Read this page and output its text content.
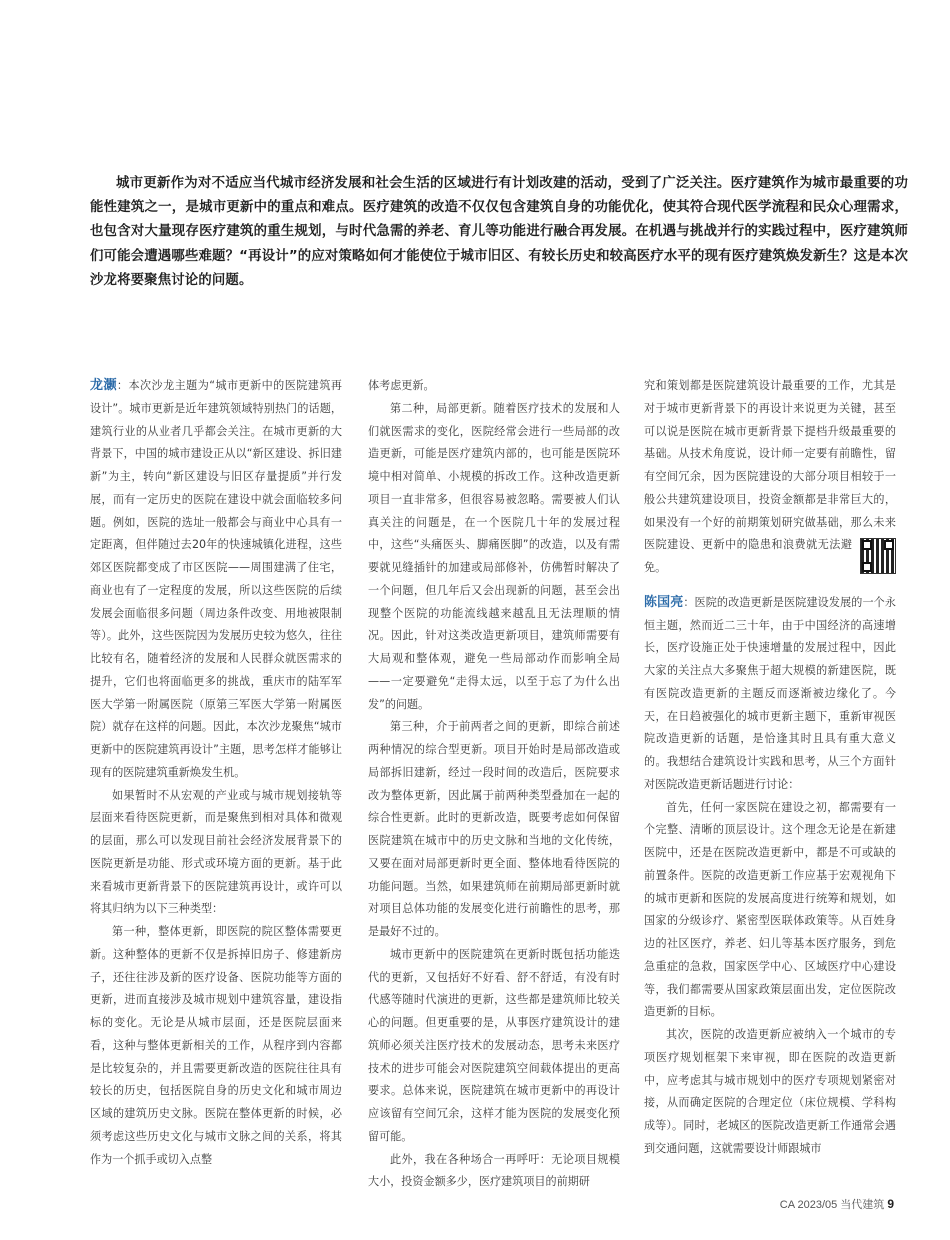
城市更新作为对不适应当代城市经济发展和社会生活的区域进行有计划改建的活动，受到了广泛关注。医疗建筑作为城市最重要的功能性建筑之一，是城市更新中的重点和难点。医疗建筑的改造不仅仅包含建筑自身的功能优化，使其符合现代医学流程和民众心理需求，也包含对大量现存医疗建筑的重生规划，与时代急需的养老、育儿等功能进行融合再发展。在机遇与挑战并行的实践过程中，医疗建筑师们可能会遭遇哪些难题？“再设计”的应对策略如何才能使位于城市旧区、有较长历史和较高医疗水平的现有医疗建筑焕发新生？这是本次沙龙将要聚焦讨论的问题。

龙灏：本次沙龙主题为“城市更新中的医院建筑再设计”。城市更新是近年建筑领域特别热门的话题，建筑行业的从业者几乎都会关注。在城市更新的大背景下，中国的城市建设正从以“新区建设、拆旧建新”为主，转向“新区建设与旧区存量提质”并行发展，而有一定历史的医院在建设中就会面临较多问题。例如，医院的选址一般都会与商业中心具有一定距离，但伴随过去20年的快速城镇化进程，这些郊区医院都变成了市区医院——周围建满了住宅，商业也有了一定程度的发展，所以这些医院的后续发展会面临很多问题（周边条件改变、用地被限制等）。此外，这些医院因为发展历史较为悠久，往往比较有名，随着经济的发展和人民群众就医需求的提升，它们也将面临更多的挑战，重庆市的陆军军医大学第一附属医院（原第三军医大学第一附属医院）就存在这样的问题。因此，本次沙龙聚焦“城市更新中的医院建筑再设计”主题，思考怎样才能够让现有的医院建筑重新焕发生机。

如果暂时不从宏观的产业或与城市规划接轨等层面来看待医院更新，而是聚焦到相对具体和微观的层面，那么可以发现目前社会经济发展背景下的医院更新是功能、形式或环境方面的更新。基于此来看城市更新背景下的医院建筑再设计，或许可以将其归纳为以下三种类型：

第一种，整体更新，即医院的院区整体需要更新。这种整体的更新不仅是拆掉旧房子、修建新房子，还往往涉及新的医疗设备、医院功能等方面的更新，进而直接涉及城市规划中建筑容量，建设指标的变化。无论是从城市层面，还是医院层面来看，这种与整体更新相关的工作，从程序到内容都是比较复杂的，并且需要更新改造的医院往往具有较长的历史，包括医院自身的历史文化和城市周边区域的建筑历史文脉。医院在整体更新的时候，必须考虑这些历史文化与城市文脉之间的关系，将其作为一个抓手或切入点整

体考虑更新。

第二种，局部更新。随着医疗技术的发展和人们就医需求的变化，医院经常会进行一些局部的改造更新，可能是医疗建筑内部的，也可能是医院环境中相对简单、小规模的拆改工作。这种改造更新项目一直非常多，但很容易被忽略。需要被人们认真关注的问题是，在一个医院几十年的发展过程中，这些“头痛医头、脚痛医脚”的改造，以及有需要就见缝插针的加建或局部修补，仿佛暂时解决了一个问题，但几年后又会出现新的问题，甚至会出现整个医院的功能流线越来越乱且无法理顺的情况。因此，针对这类改造更新项目，建筑师需要有大局观和整体观，避免一些局部动作而影响全局——一定要避免“走得太远，以至于忘了为什么出发”的问题。

第三种，介于前两者之间的更新，即综合前述两种情况的综合型更新。项目开始时是局部改造或局部拆旧建新，经过一段时间的改造后，医院要求改为整体更新，因此属于前两种类型叠加在一起的综合性更新。此时的更新改造，既要考虑如何保留医院建筑在城市中的历史文脉和当地的文化传统，又要在面对局部更新时更全面、整体地看待医院的功能问题。当然，如果建筑师在前期局部更新时就对项目总体功能的发展变化进行前瞻性的思考，那是最好不过的。

城市更新中的医院建筑在更新时既包括功能迭代的更新，又包括好不好看、舒不舒适，有没有时代感等随时代演进的更新，这些都是建筑师比较关心的问题。但更重要的是，从事医疗建筑设计的建筑师必须关注医疗技术的发展动态，思考未来医疗技术的进步可能会对医院建筑空间载体提出的更高要求。总体来说，医院建筑在城市更新中的再设计应该留有空间冗余，这样才能为医院的发展变化预留可能。

此外，我在各种场合一再呼吁：无论项目规模大小，投资金额多少，医疗建筑项目的前期研

究和策划都是医院建筑设计最重要的工作，尤其是对于城市更新背景下的再设计来说更为关键，甚至可以说是医院在城市更新背景下提档升级最重要的基础。从技术角度说，设计师一定要有前瞻性，留有空间冗余，因为医院建设的大部分项目相较于一般公共建筑建设项目，投资金额都是非常巨大的，如果没有一个好的前期策划研究做基础，那么未来医院建设、更新中的
隐患和浪费就无法避免。

陈国亮：医院的改造更新是医院建设发展的一个永恒主题，然而近二三十年，由于中国经济的高速增长，医疗设施正处于快速增量的发展过程中，因此大家的关注点大多聚焦于超大规模的新建医院，既有医院改造更新的主题反而逐渐被边缘化了。今天，在日趋被强化的城市更新主题下，重新审视医院改造更新的话题，是恰逢其时且具有重大意义的。我想结合建筑设计实践和思考，从三个方面针对医院改造更新话题进行讨论：

首先，任何一家医院在建设之初，都需要有一个完整、清晰的顶层设计。这个理念无论是在新建医院中，还是在医院改造更新中，都是不可或缺的前置条件。医院的改造更新工作应基于宏观视角下的城市更新和医院的发展高度进行统筹和规划，如国家的分级诊疗、紧密型医联体政策等。从百姓身边的社区医疗，养老、妇儿等基本医疗服务，到危急重症的急救，国家医学中心、区域医疗中心建设等，我们都需要从国家政策层面出发，定位医院改造更新的目标。

其次，医院的改造更新应被纳入一个城市的专项医疗规划框架下来审视，即在医院的改造更新中，应考虑其与城市规划中的医疗专项规划紧密对接，从而确定医院的合理定位（床位规模、学科构成等）。同时，老城区的医院改造更新工作通常会遇到交通问题，这就需要设计师跟城市

CA 2023/05 当代建筑 9
